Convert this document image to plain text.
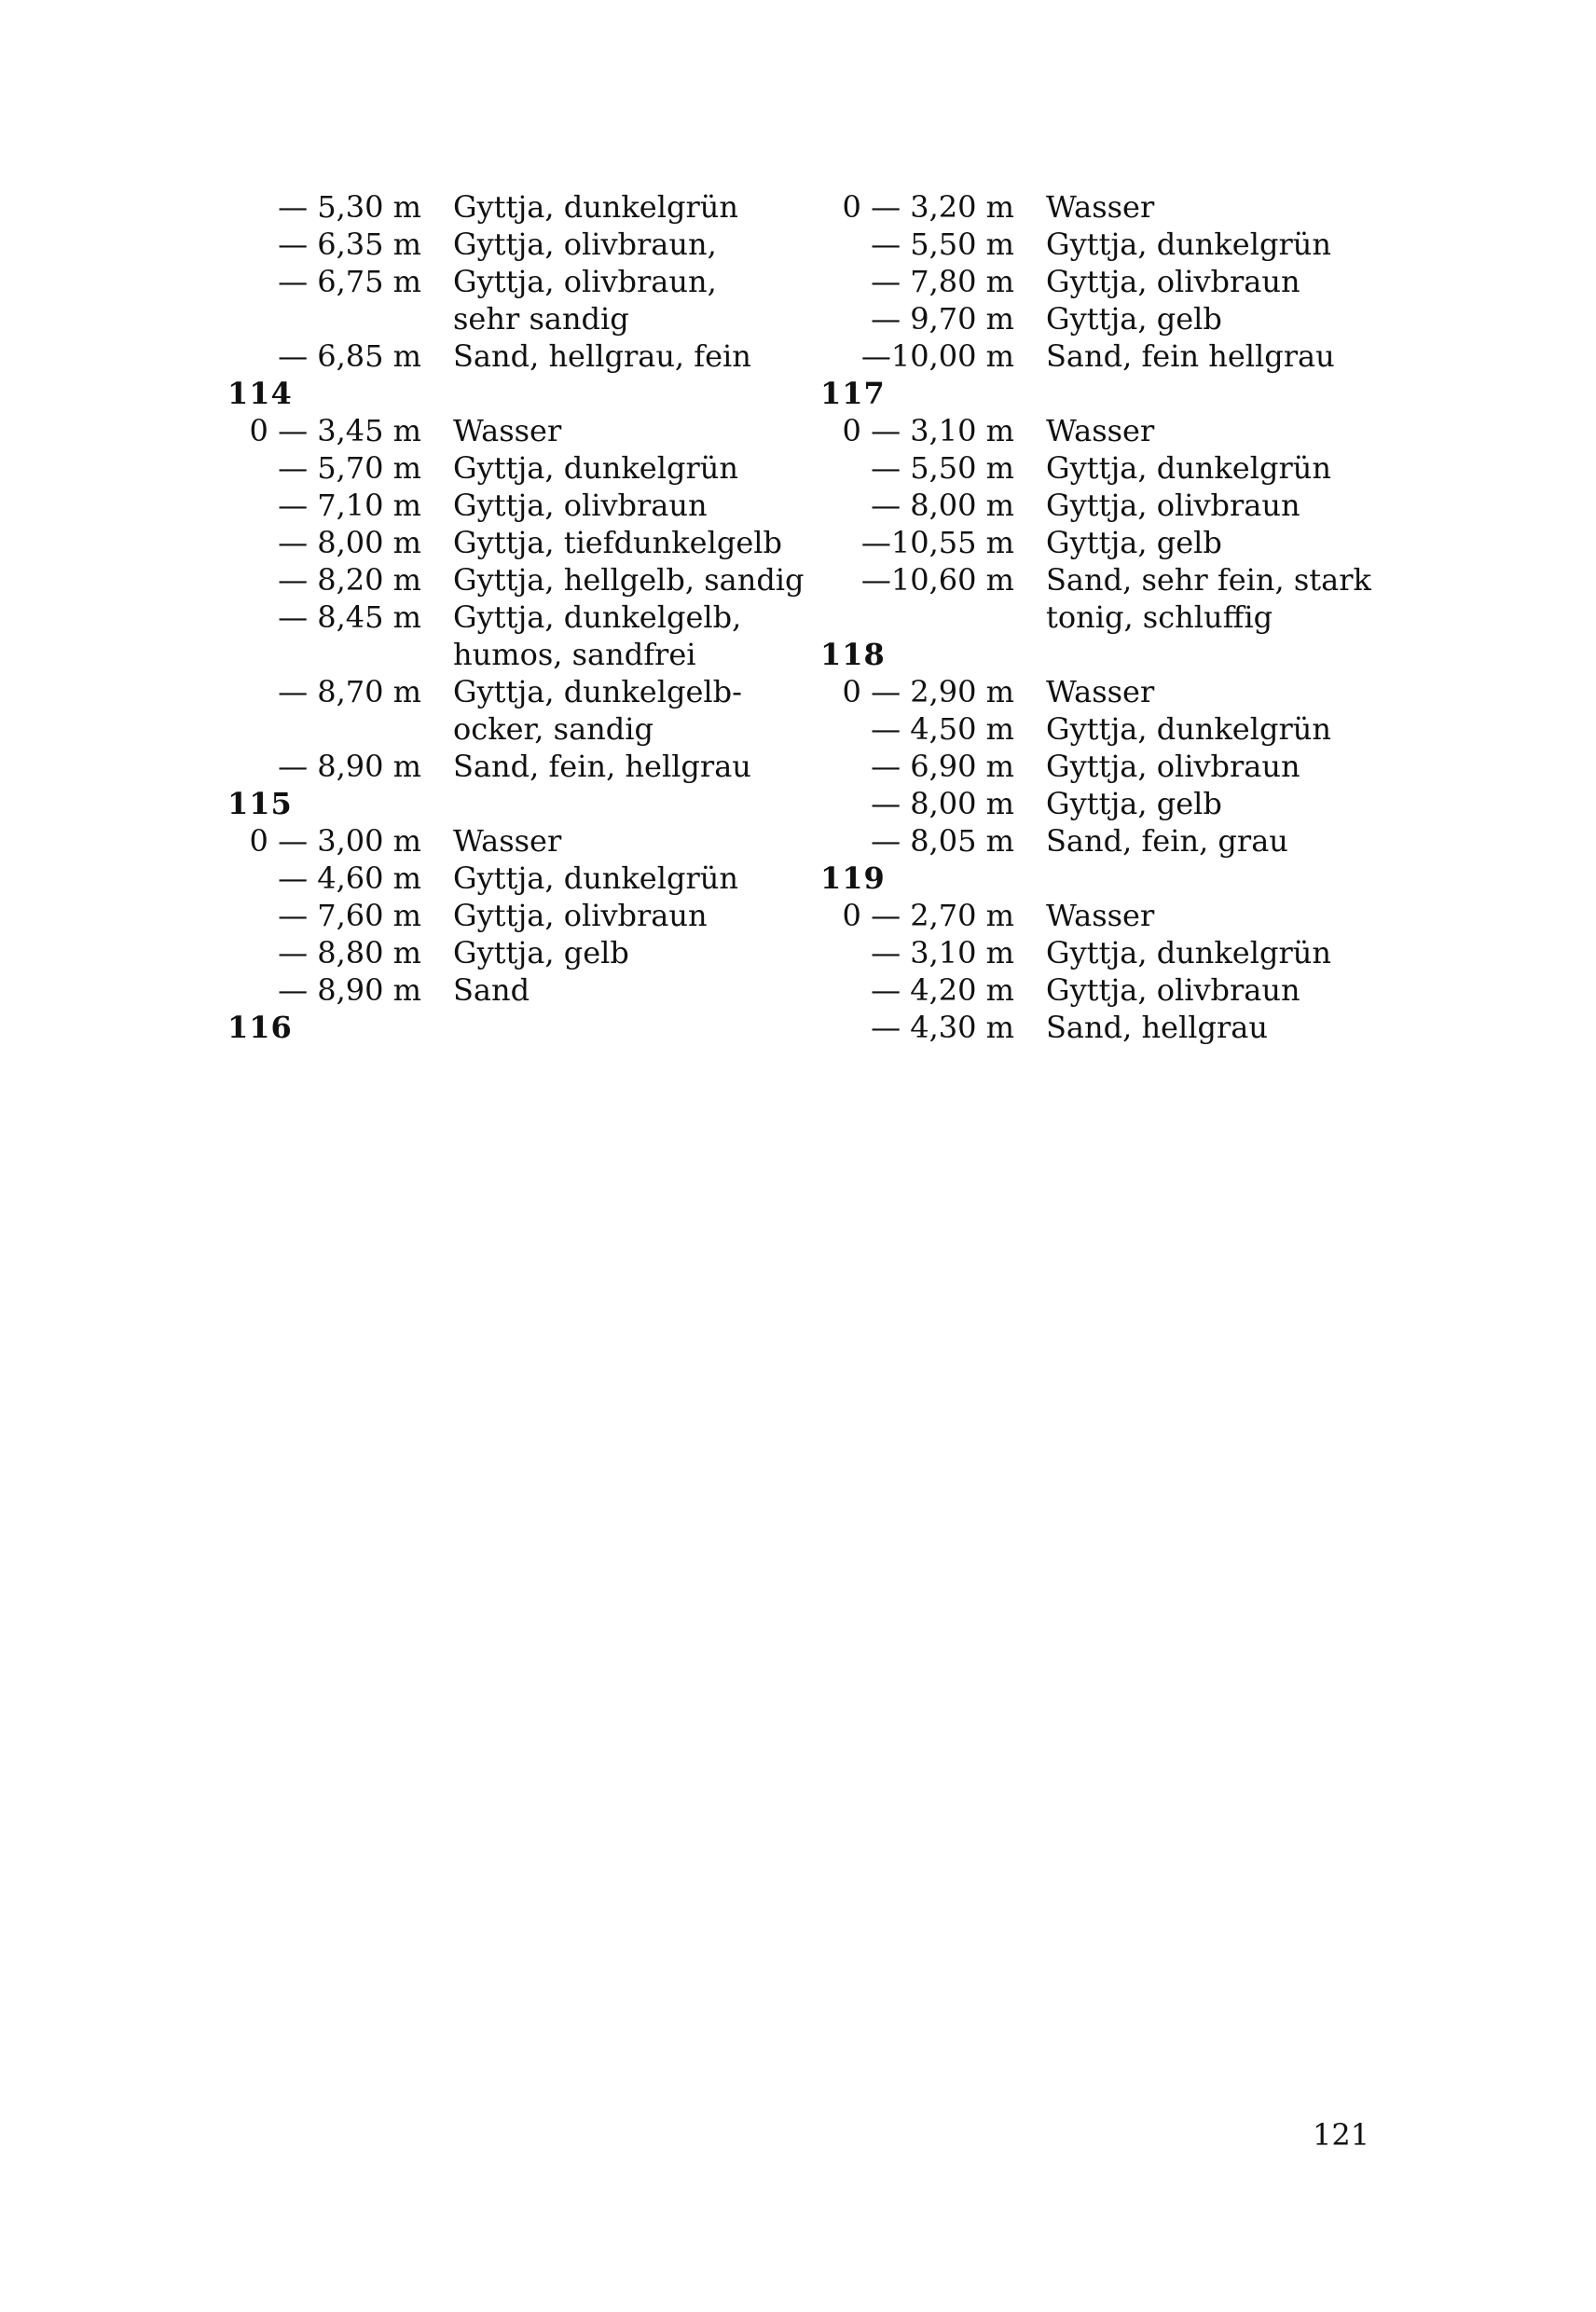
— 5,30 m Gyttja, dunkelgrün
— 6,35 m Gyttja, olivbraun,
— 6,75 m Gyttja, olivbraun,
sehr sandig
— 6,85 m Sand, hellgrau, fein
114
0 — 3,45 m Wasser
— 5,70 m Gyttja, dunkelgrün
— 7,10 m Gyttja, olivbraun
— 8,00 m Gyttja, tiefdunkelgelb
— 8,20 m Gyttja, hellgelb, sandig
— 8,45 m Gyttja, dunkelgelb,
humos, sandfrei
— 8,70 m Gyttja, dunkelgelb-
ocker, sandig
— 8,90 m Sand, fein, hellgrau
115
0 — 3,00 m Wasser
— 4,60 m Gyttja, dunkelgrün
— 7,60 m Gyttja, olivbraun
— 8,80 m Gyttja, gelb
— 8,90 m Sand
116
0 — 3,20 m Wasser
— 5,50 m Gyttja, dunkelgrün
— 7,80 m Gyttja, olivbraun
— 9,70 m Gyttja, gelb
—10,00 m Sand, fein hellgrau
117
0 — 3,10 m Wasser
— 5,50 m Gyttja, dunkelgrün
— 8,00 m Gyttja, olivbraun
—10,55 m Gyttja, gelb
—10,60 m Sand, sehr fein, stark
tonig, schluffig
118
0 — 2,90 m Wasser
— 4,50 m Gyttja, dunkelgrün
— 6,90 m Gyttja, olivbraun
— 8,00 m Gyttja, gelb
— 8,05 m Sand, fein, grau
119
0 — 2,70 m Wasser
— 3,10 m Gyttja, dunkelgrün
— 4,20 m Gyttja, olivbraun
— 4,30 m Sand, hellgrau
121
